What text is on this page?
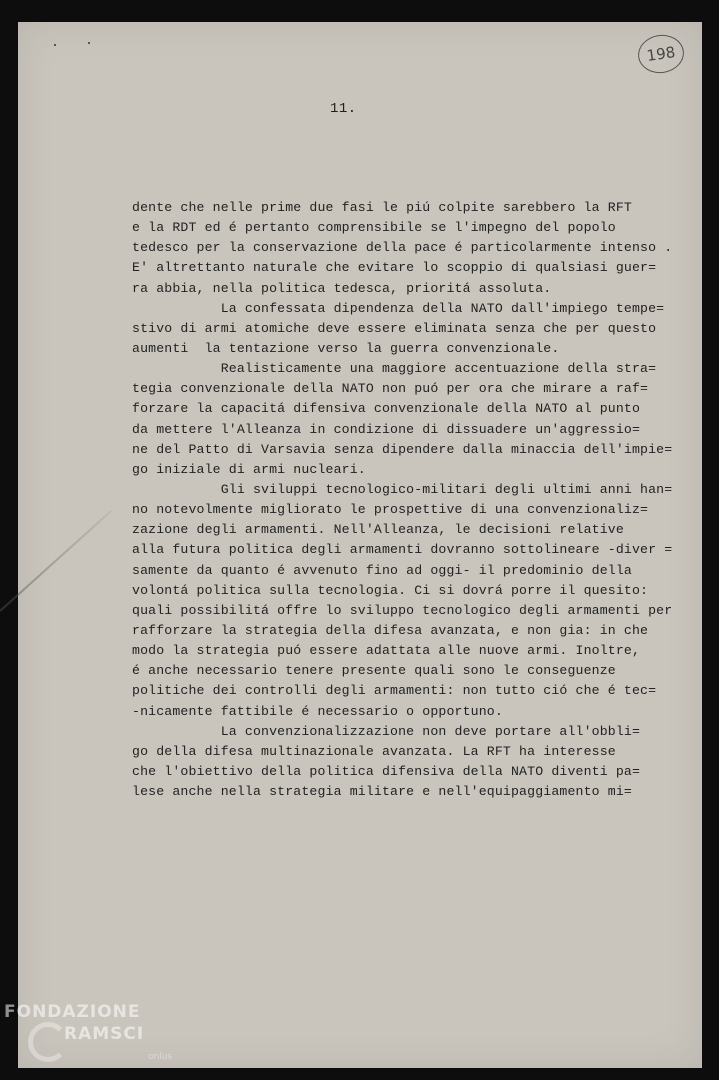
198
11.
dente che nelle prime due fasi le piú colpite sarebbero la RFT
e la RDT ed é pertanto comprensibile se l'impegno del popolo
tedesco per la conservazione della pace é particolarmente intenso .
E' altrettanto naturale che evitare lo scoppio di qualsiasi guer=
ra abbia, nella politica tedesca, prioritá assoluta.
La confessata dipendenza della NATO dall'impiego tempe=
stivo di armi atomiche deve essere eliminata senza che per questo
aumenti  la tentazione verso la guerra convenzionale.
Realisticamente una maggiore accentuazione della stra=
tegia convenzionale della NATO non puó per ora che mirare a raf=
forzare la capacitá difensiva convenzionale della NATO al punto
da mettere l'Alleanza in condizione di dissuadere un'aggressio=
ne del Patto di Varsavia senza dipendere dalla minaccia dell'impie=
go iniziale di armi nucleari.
Gli sviluppi tecnologico-militari degli ultimi anni han=
no notevolmente migliorato le prospettive di una convenzionaliz=
zazione degli armamenti. Nell'Alleanza, le decisioni relative
alla futura politica degli armamenti dovranno sottolineare -diver =
samente da quanto é avvenuto fino ad oggi- il predominio della
volontá politica sulla tecnologia. Ci si dovrá porre il quesito:
quali possibilitá offre lo sviluppo tecnologico degli armamenti per
rafforzare la strategia della difesa avanzata, e non gia: in che
modo la strategia puó essere adattata alle nuove armi. Inoltre,
é anche necessario tenere presente quali sono le conseguenze
politiche dei controlli degli armamenti: non tutto ció che é tec=
-nicamente fattibile é necessario o opportuno.
La convenzionalizzazione non deve portare all'obbli=
go della difesa multinazionale avanzata. La RFT ha interesse
che l'obiettivo della politica difensiva della NATO diventi pa=
lese anche nella strategia militare e nell'equipaggiamento mi=
FONDAZIONE
RAMSCI
onlus
